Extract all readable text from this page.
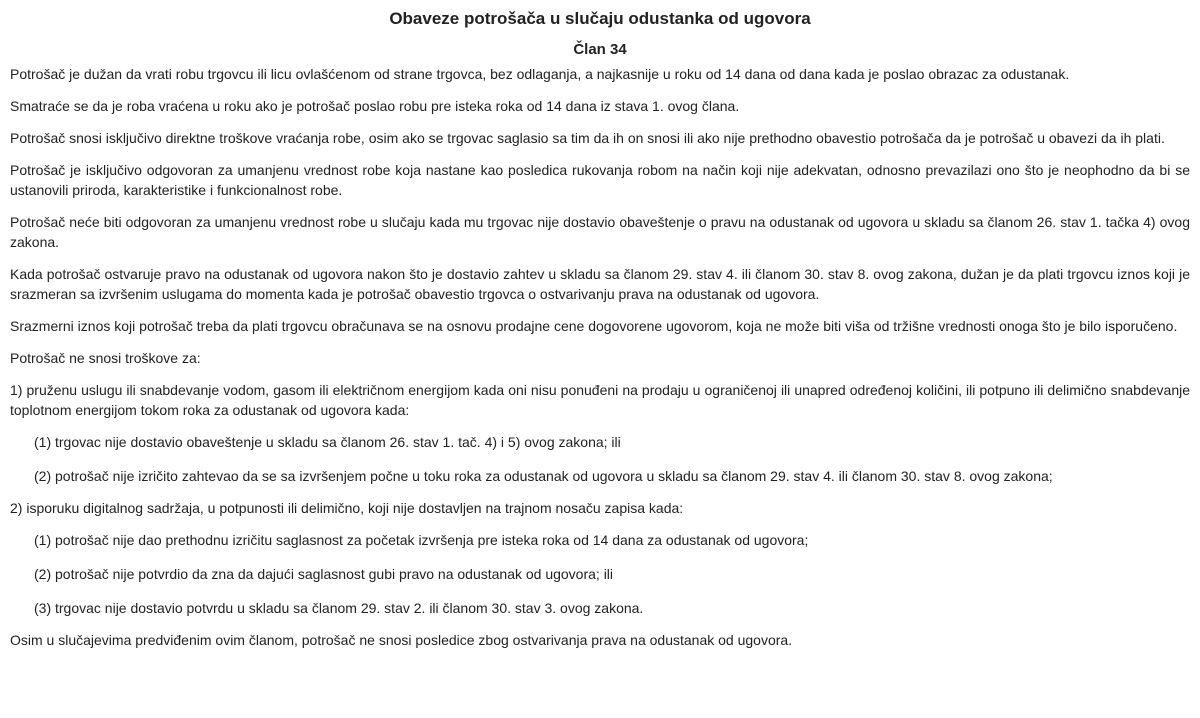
Obaveze potrošača u slučaju odustanka od ugovora
Član 34

Potrošač je dužan da vrati robu trgovcu ili licu ovlašćenom od strane trgovca, bez odlaganja, a najkasnije u roku od 14 dana od dana kada je poslao obrazac za odustanak.

Smatraće se da je roba vraćena u roku ako je potrošač poslao robu pre isteka roka od 14 dana iz stava 1. ovog člana.

Potrošač snosi isključivo direktne troškove vraćanja robe, osim ako se trgovac saglasio sa tim da ih on snosi ili ako nije prethodno obavestio potrošača da je potrošač u obavezi da ih plati.

Potrošač je isključivo odgovoran za umanjenu vrednost robe koja nastane kao posledica rukovanja robom na način koji nije adekvatan, odnosno prevazilazi ono što je neophodno da bi se ustanovili priroda, karakteristike i funkcionalnost robe.

Potrošač neće biti odgovoran za umanjenu vrednost robe u slučaju kada mu trgovac nije dostavio obaveštenje o pravu na odustanak od ugovora u skladu sa članom 26. stav 1. tačka 4) ovog zakona.

Kada potrošač ostvaruje pravo na odustanak od ugovora nakon što je dostavio zahtev u skladu sa članom 29. stav 4. ili članom 30. stav 8. ovog zakona, dužan je da plati trgovcu iznos koji je srazmeran sa izvršenim uslugama do momenta kada je potrošač obavestio trgovca o ostvarivanju prava na odustanak od ugovora.

Srazmerni iznos koji potrošač treba da plati trgovcu obračunava se na osnovu prodajne cene dogovorene ugovorom, koja ne može biti viša od tržišne vrednosti onoga što je bilo isporučeno.

Potrošač ne snosi troškove za:

1) pruženu uslugu ili snabdevanje vodom, gasom ili električnom energijom kada oni nisu ponuđeni na prodaju u ograničenoj ili unapred određenoj količini, ili potpuno ili delimično snabdevanje toplotnom energijom tokom roka za odustanak od ugovora kada:

(1) trgovac nije dostavio obaveštenje u skladu sa članom 26. stav 1. tač. 4) i 5) ovog zakona; ili

(2) potrošač nije izričito zahtevao da se sa izvršenjem počne u toku roka za odustanak od ugovora u skladu sa članom 29. stav 4. ili članom 30. stav 8. ovog zakona;

2) isporuku digitalnog sadržaja, u potpunosti ili delimično, koji nije dostavljen na trajnom nosaču zapisa kada:

(1) potrošač nije dao prethodnu izričitu saglasnost za početak izvršenja pre isteka roka od 14 dana za odustanak od ugovora;

(2) potrošač nije potvrdio da zna da dajući saglasnost gubi pravo na odustanak od ugovora; ili

(3) trgovac nije dostavio potvrdu u skladu sa članom 29. stav 2. ili članom 30. stav 3. ovog zakona.

Osim u slučajevima predviđenim ovim članom, potrošač ne snosi posledice zbog ostvarivanja prava na odustanak od ugovora.
